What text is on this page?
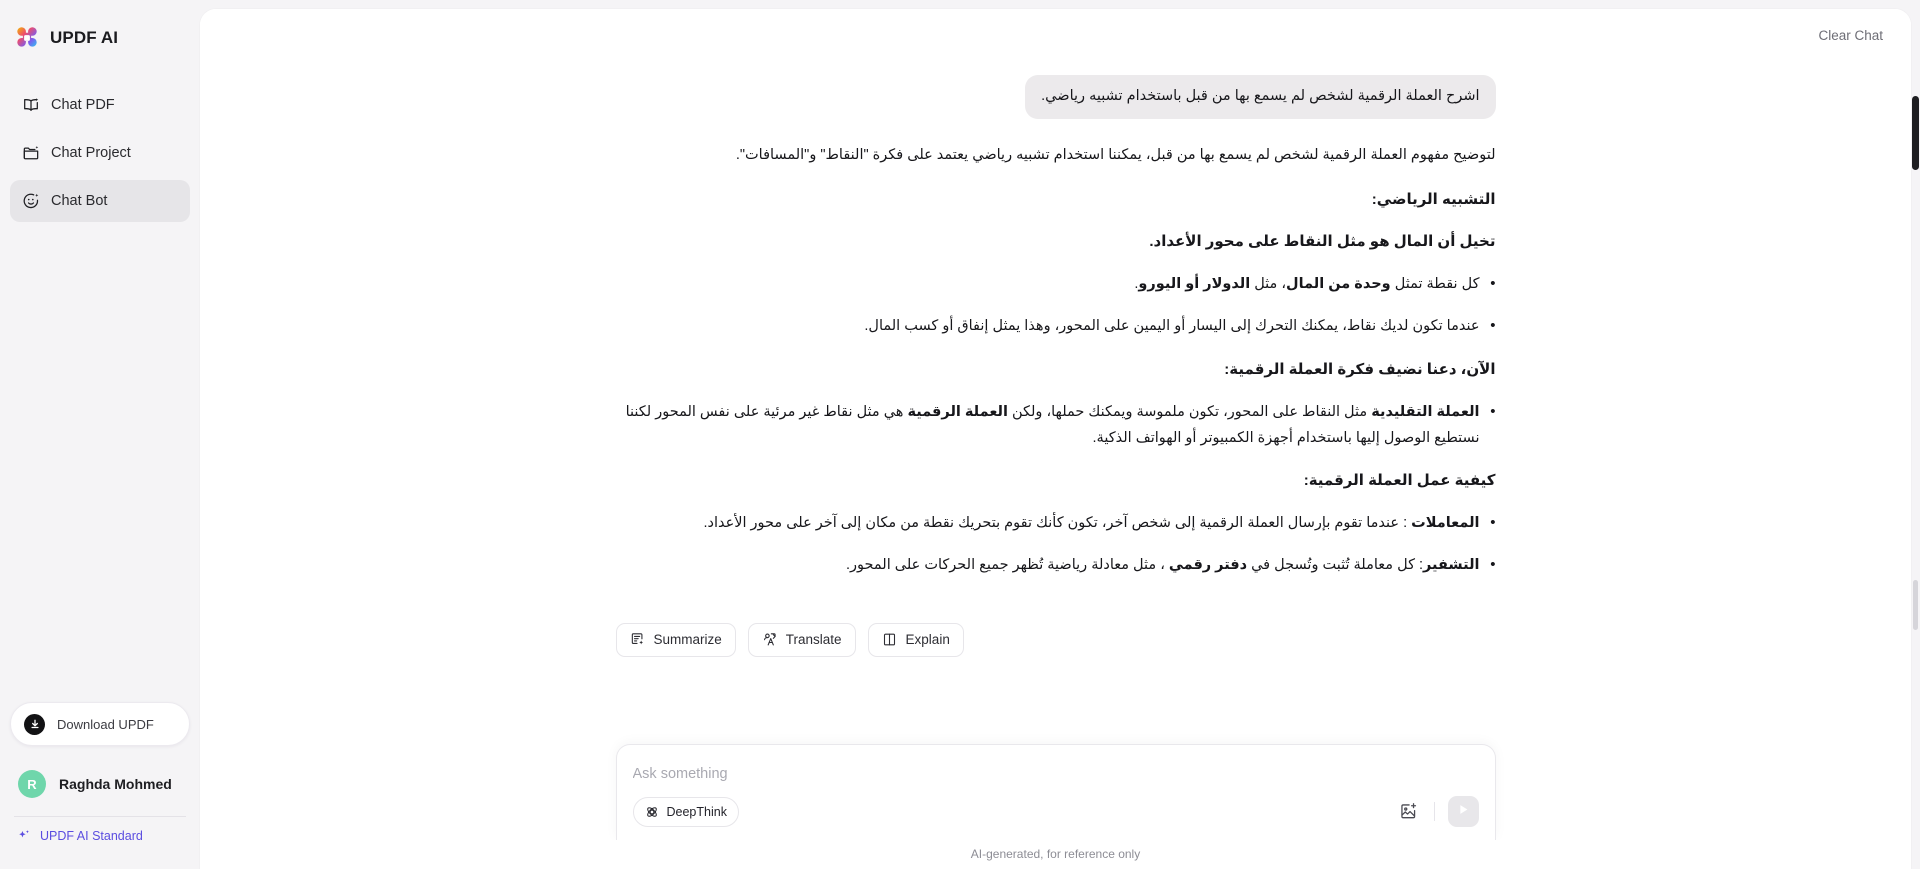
UPDF AI
Chat PDF
Chat Project
Chat Bot
Download UPDF
R	Raghda Mohmed
UPDF AI Standard
Clear Chat
اشرح العملة الرقمية لشخص لم يسمع بها من قبل باستخدام تشبيه رياضي.

لتوضيح مفهوم العملة الرقمية لشخص لم يسمع بها من قبل، يمكننا استخدام تشبيه رياضي يعتمد على فكرة "النقاط" و"المسافات".

التشبيه الرياضي:
تخيل أن المال هو مثل النقاط على محور الأعداد.
• كل نقطة تمثل وحدة من المال، مثل الدولار أو اليورو.
• عندما تكون لديك نقاط، يمكنك التحرك إلى اليسار أو اليمين على المحور، وهذا يمثل إنفاق أو كسب المال.
الآن، دعنا نضيف فكرة العملة الرقمية:
• العملة التقليدية مثل النقاط على المحور، تكون ملموسة ويمكنك حملها، ولكن العملة الرقمية هي مثل نقاط غير مرئية على نفس المحور لكننا نستطيع الوصول إليها باستخدام أجهزة الكمبيوتر أو الهواتف الذكية.
كيفية عمل العملة الرقمية:
• المعاملات : عندما تقوم بإرسال العملة الرقمية إلى شخص آخر، تكون كأنك تقوم بتحريك نقطة من مكان إلى آخر على محور الأعداد.
• التشفير: كل معاملة تُثبت وتُسجل في دفتر رقمي ، مثل معادلة رياضية تُظهر جميع الحركات على المحور.
Summarize	Translate	Explain
Ask something
DeepThink
AI-generated, for reference only
